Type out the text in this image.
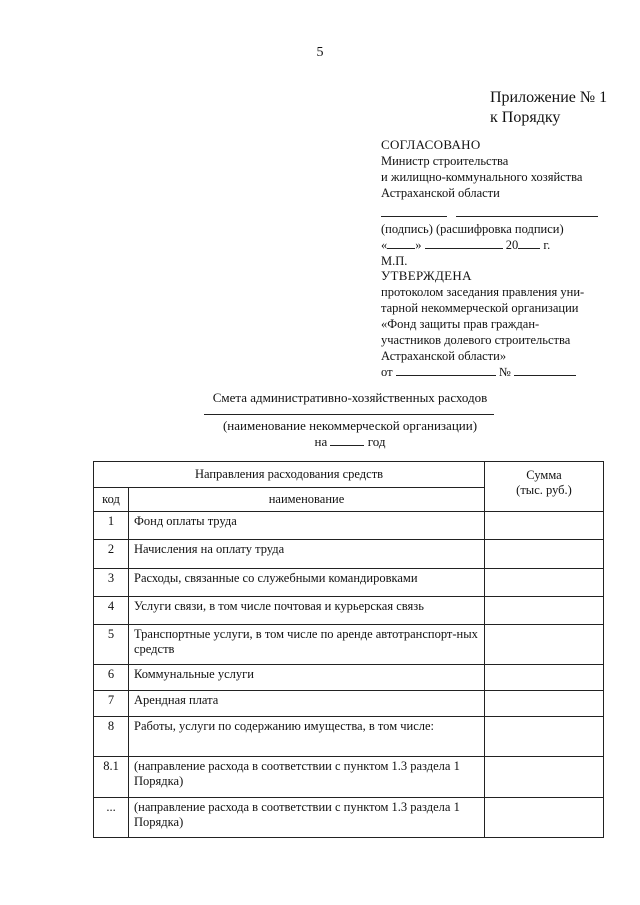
5
Приложение № 1
к Порядку
СОГЛАСОВАНО
Министр строительства
и жилищно-коммунального хозяйства
Астраханской области

(подпись) (расшифровка подписи)
« »	20 г.
М.П.
УТВЕРЖДЕНА
протоколом заседания правления уни-
тарной некоммерческой организации
«Фонд защиты прав граждан-
участников долевого строительства
Астраханской области»
от	№
Смета административно-хозяйственных расходов
(наименование некоммерческой организации)
на	год
Направления расходования средств		Сумма
(тыс. руб.)
код	наименование	
1	Фонд оплаты труда	
2	Начисления на оплату труда	
3	Расходы, связанные со служебными командировками	
4	Услуги связи, в том числе почтовая и курьерская связь	
5	Транспортные услуги, в том числе по аренде автотранспорт-ных средств	
6	Коммунальные услуги	
7	Арендная плата	
8	Работы, услуги по содержанию имущества, в том числе:	
8.1	(направление расхода в соответствии с пунктом 1.3 раздела 1 Порядка)	
...	(направление расхода в соответствии с пунктом 1.3 раздела 1 Порядка)	
